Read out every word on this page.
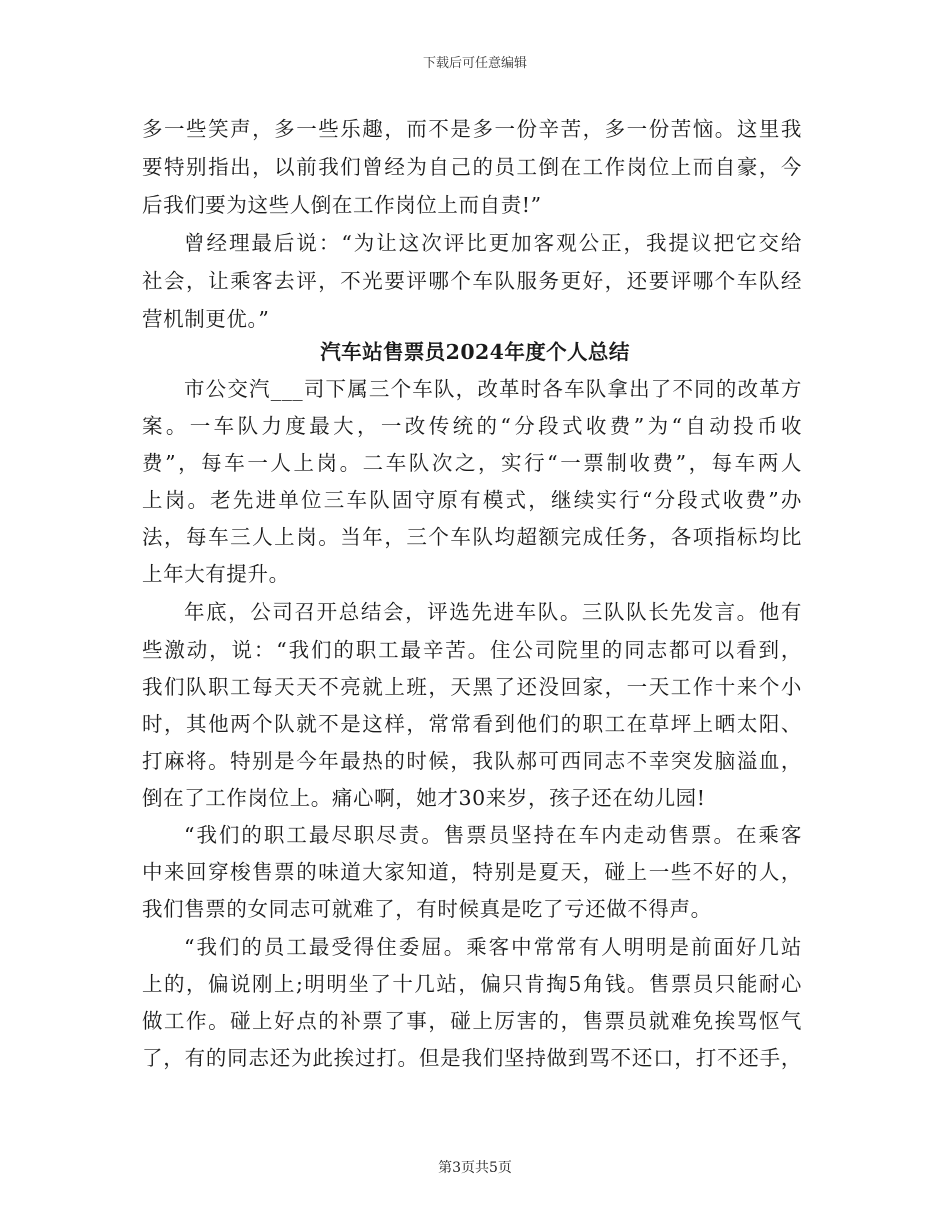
下载后可任意编辑
多一些笑声，多一些乐趣，而不是多一份辛苦，多一份苦恼。这里我
要特别指出，以前我们曾经为自己的员工倒在工作岗位上而自豪，今
后我们要为这些人倒在工作岗位上而自责!”
曾经理最后说：“为让这次评比更加客观公正，我提议把它交给
社会，让乘客去评，不光要评哪个车队服务更好，还要评哪个车队经
营机制更优。”
汽车站售票员2024年度个人总结
市公交汽___司下属三个车队，改革时各车队拿出了不同的改革方
案。一车队力度最大，一改传统的“分段式收费”为“自动投币收
费”，每车一人上岗。二车队次之，实行“一票制收费”，每车两人
上岗。老先进单位三车队固守原有模式，继续实行“分段式收费”办
法，每车三人上岗。当年，三个车队均超额完成任务，各项指标均比
上年大有提升。
年底，公司召开总结会，评选先进车队。三队队长先发言。他有
些激动，说：“我们的职工最辛苦。住公司院里的同志都可以看到，
我们队职工每天天不亮就上班，天黑了还没回家，一天工作十来个小
时，其他两个队就不是这样，常常看到他们的职工在草坪上晒太阳、
打麻将。特别是今年最热的时候，我队郝可西同志不幸突发脑溢血，
倒在了工作岗位上。痛心啊，她才30来岁，孩子还在幼儿园!
“我们的职工最尽职尽责。售票员坚持在车内走动售票。在乘客
中来回穿梭售票的味道大家知道，特别是夏天，碰上一些不好的人，
我们售票的女同志可就难了，有时候真是吃了亏还做不得声。
“我们的员工最受得住委屈。乘客中常常有人明明是前面好几站
上的，偏说刚上;明明坐了十几站，偏只肯掏5角钱。售票员只能耐心
做工作。碰上好点的补票了事，碰上厉害的，售票员就难免挨骂怄气
了，有的同志还为此挨过打。但是我们坚持做到骂不还口，打不还手，
第3页共5页
